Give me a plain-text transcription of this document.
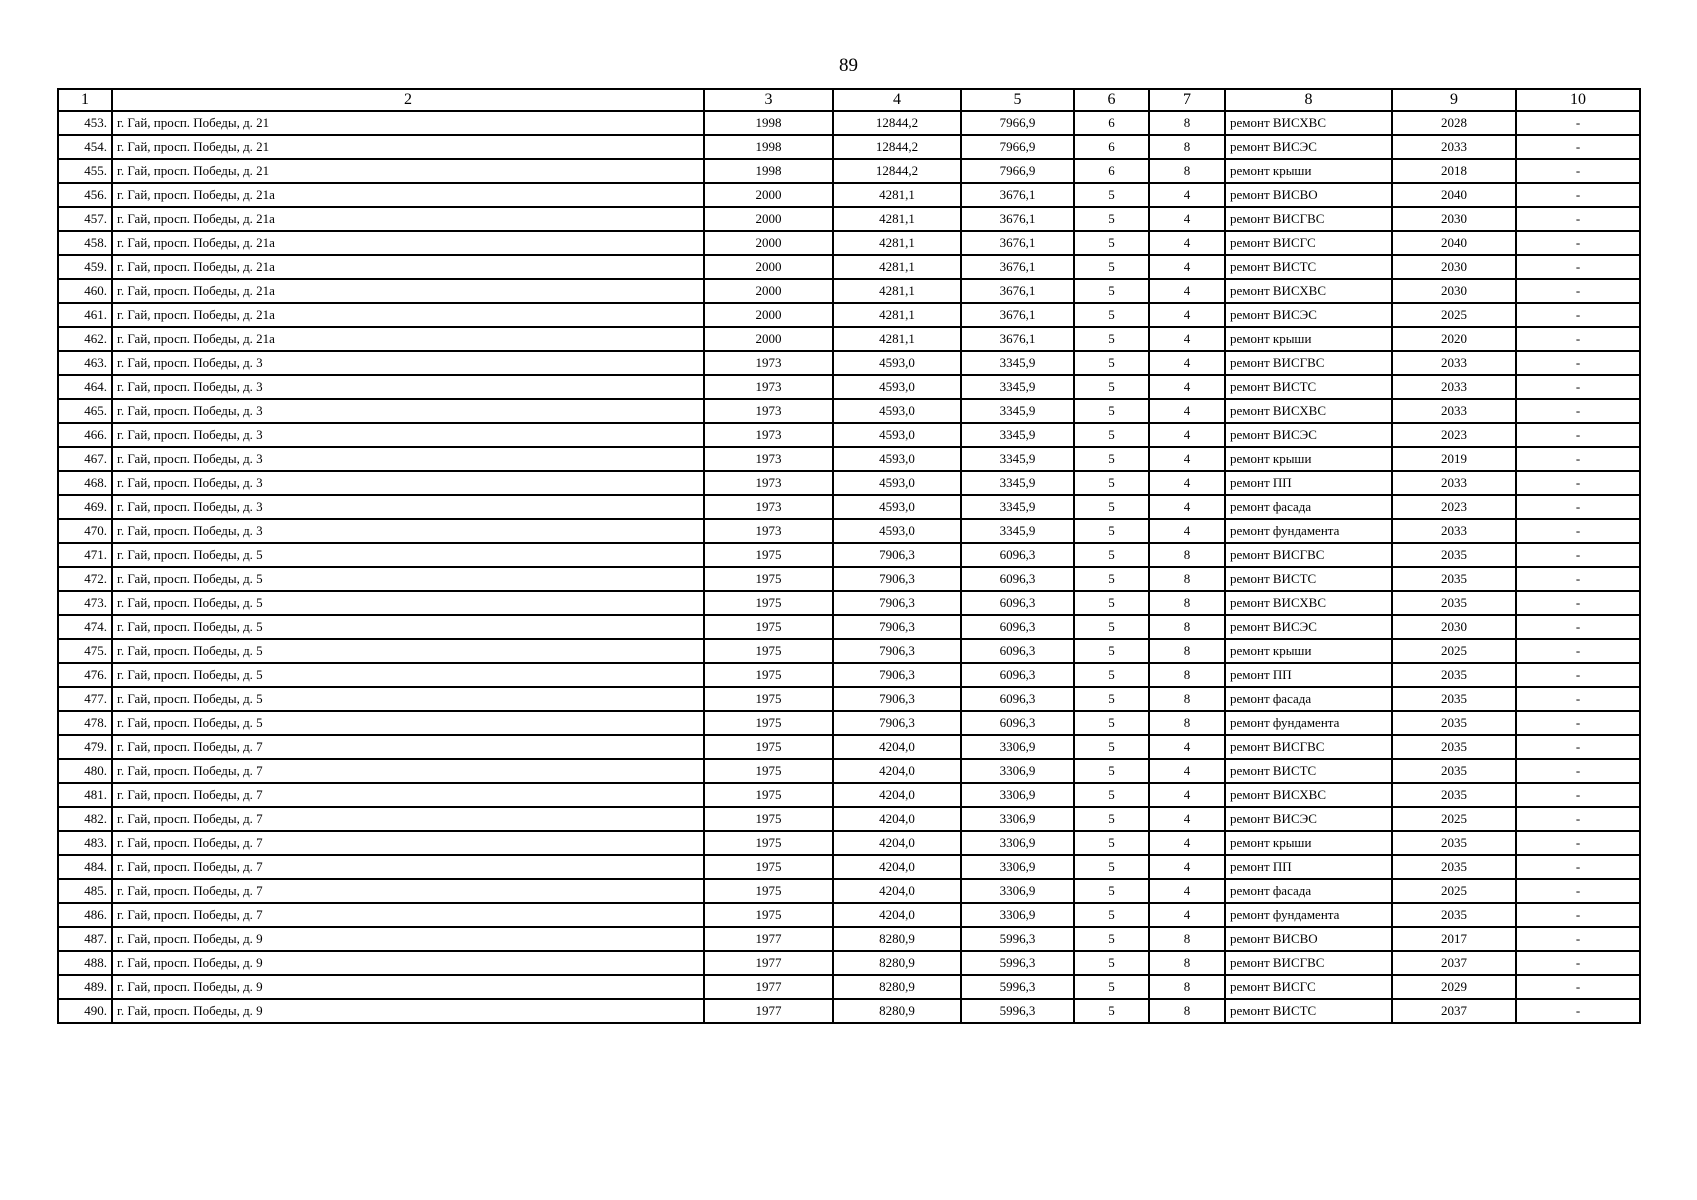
89
1	2	3	4	5	6	7	8	9	10
453.	г. Гай, просп. Победы, д. 21	1998	12844,2	7966,9	6	8	ремонт ВИСХВС	2028	-
454.	г. Гай, просп. Победы, д. 21	1998	12844,2	7966,9	6	8	ремонт ВИСЭС	2033	-
455.	г. Гай, просп. Победы, д. 21	1998	12844,2	7966,9	6	8	ремонт крыши	2018	-
456.	г. Гай, просп. Победы, д. 21а	2000	4281,1	3676,1	5	4	ремонт ВИСВО	2040	-
457.	г. Гай, просп. Победы, д. 21а	2000	4281,1	3676,1	5	4	ремонт ВИСГВС	2030	-
458.	г. Гай, просп. Победы, д. 21а	2000	4281,1	3676,1	5	4	ремонт ВИСГС	2040	-
459.	г. Гай, просп. Победы, д. 21а	2000	4281,1	3676,1	5	4	ремонт ВИСТС	2030	-
460.	г. Гай, просп. Победы, д. 21а	2000	4281,1	3676,1	5	4	ремонт ВИСХВС	2030	-
461.	г. Гай, просп. Победы, д. 21а	2000	4281,1	3676,1	5	4	ремонт ВИСЭС	2025	-
462.	г. Гай, просп. Победы, д. 21а	2000	4281,1	3676,1	5	4	ремонт крыши	2020	-
463.	г. Гай, просп. Победы, д. 3	1973	4593,0	3345,9	5	4	ремонт ВИСГВС	2033	-
464.	г. Гай, просп. Победы, д. 3	1973	4593,0	3345,9	5	4	ремонт ВИСТС	2033	-
465.	г. Гай, просп. Победы, д. 3	1973	4593,0	3345,9	5	4	ремонт ВИСХВС	2033	-
466.	г. Гай, просп. Победы, д. 3	1973	4593,0	3345,9	5	4	ремонт ВИСЭС	2023	-
467.	г. Гай, просп. Победы, д. 3	1973	4593,0	3345,9	5	4	ремонт крыши	2019	-
468.	г. Гай, просп. Победы, д. 3	1973	4593,0	3345,9	5	4	ремонт ПП	2033	-
469.	г. Гай, просп. Победы, д. 3	1973	4593,0	3345,9	5	4	ремонт фасада	2023	-
470.	г. Гай, просп. Победы, д. 3	1973	4593,0	3345,9	5	4	ремонт фундамента	2033	-
471.	г. Гай, просп. Победы, д. 5	1975	7906,3	6096,3	5	8	ремонт ВИСГВС	2035	-
472.	г. Гай, просп. Победы, д. 5	1975	7906,3	6096,3	5	8	ремонт ВИСТС	2035	-
473.	г. Гай, просп. Победы, д. 5	1975	7906,3	6096,3	5	8	ремонт ВИСХВС	2035	-
474.	г. Гай, просп. Победы, д. 5	1975	7906,3	6096,3	5	8	ремонт ВИСЭС	2030	-
475.	г. Гай, просп. Победы, д. 5	1975	7906,3	6096,3	5	8	ремонт крыши	2025	-
476.	г. Гай, просп. Победы, д. 5	1975	7906,3	6096,3	5	8	ремонт ПП	2035	-
477.	г. Гай, просп. Победы, д. 5	1975	7906,3	6096,3	5	8	ремонт фасада	2035	-
478.	г. Гай, просп. Победы, д. 5	1975	7906,3	6096,3	5	8	ремонт фундамента	2035	-
479.	г. Гай, просп. Победы, д. 7	1975	4204,0	3306,9	5	4	ремонт ВИСГВС	2035	-
480.	г. Гай, просп. Победы, д. 7	1975	4204,0	3306,9	5	4	ремонт ВИСТС	2035	-
481.	г. Гай, просп. Победы, д. 7	1975	4204,0	3306,9	5	4	ремонт ВИСХВС	2035	-
482.	г. Гай, просп. Победы, д. 7	1975	4204,0	3306,9	5	4	ремонт ВИСЭС	2025	-
483.	г. Гай, просп. Победы, д. 7	1975	4204,0	3306,9	5	4	ремонт крыши	2035	-
484.	г. Гай, просп. Победы, д. 7	1975	4204,0	3306,9	5	4	ремонт ПП	2035	-
485.	г. Гай, просп. Победы, д. 7	1975	4204,0	3306,9	5	4	ремонт фасада	2025	-
486.	г. Гай, просп. Победы, д. 7	1975	4204,0	3306,9	5	4	ремонт фундамента	2035	-
487.	г. Гай, просп. Победы, д. 9	1977	8280,9	5996,3	5	8	ремонт ВИСВО	2017	-
488.	г. Гай, просп. Победы, д. 9	1977	8280,9	5996,3	5	8	ремонт ВИСГВС	2037	-
489.	г. Гай, просп. Победы, д. 9	1977	8280,9	5996,3	5	8	ремонт ВИСГС	2029	-
490.	г. Гай, просп. Победы, д. 9	1977	8280,9	5996,3	5	8	ремонт ВИСТС	2037	-
